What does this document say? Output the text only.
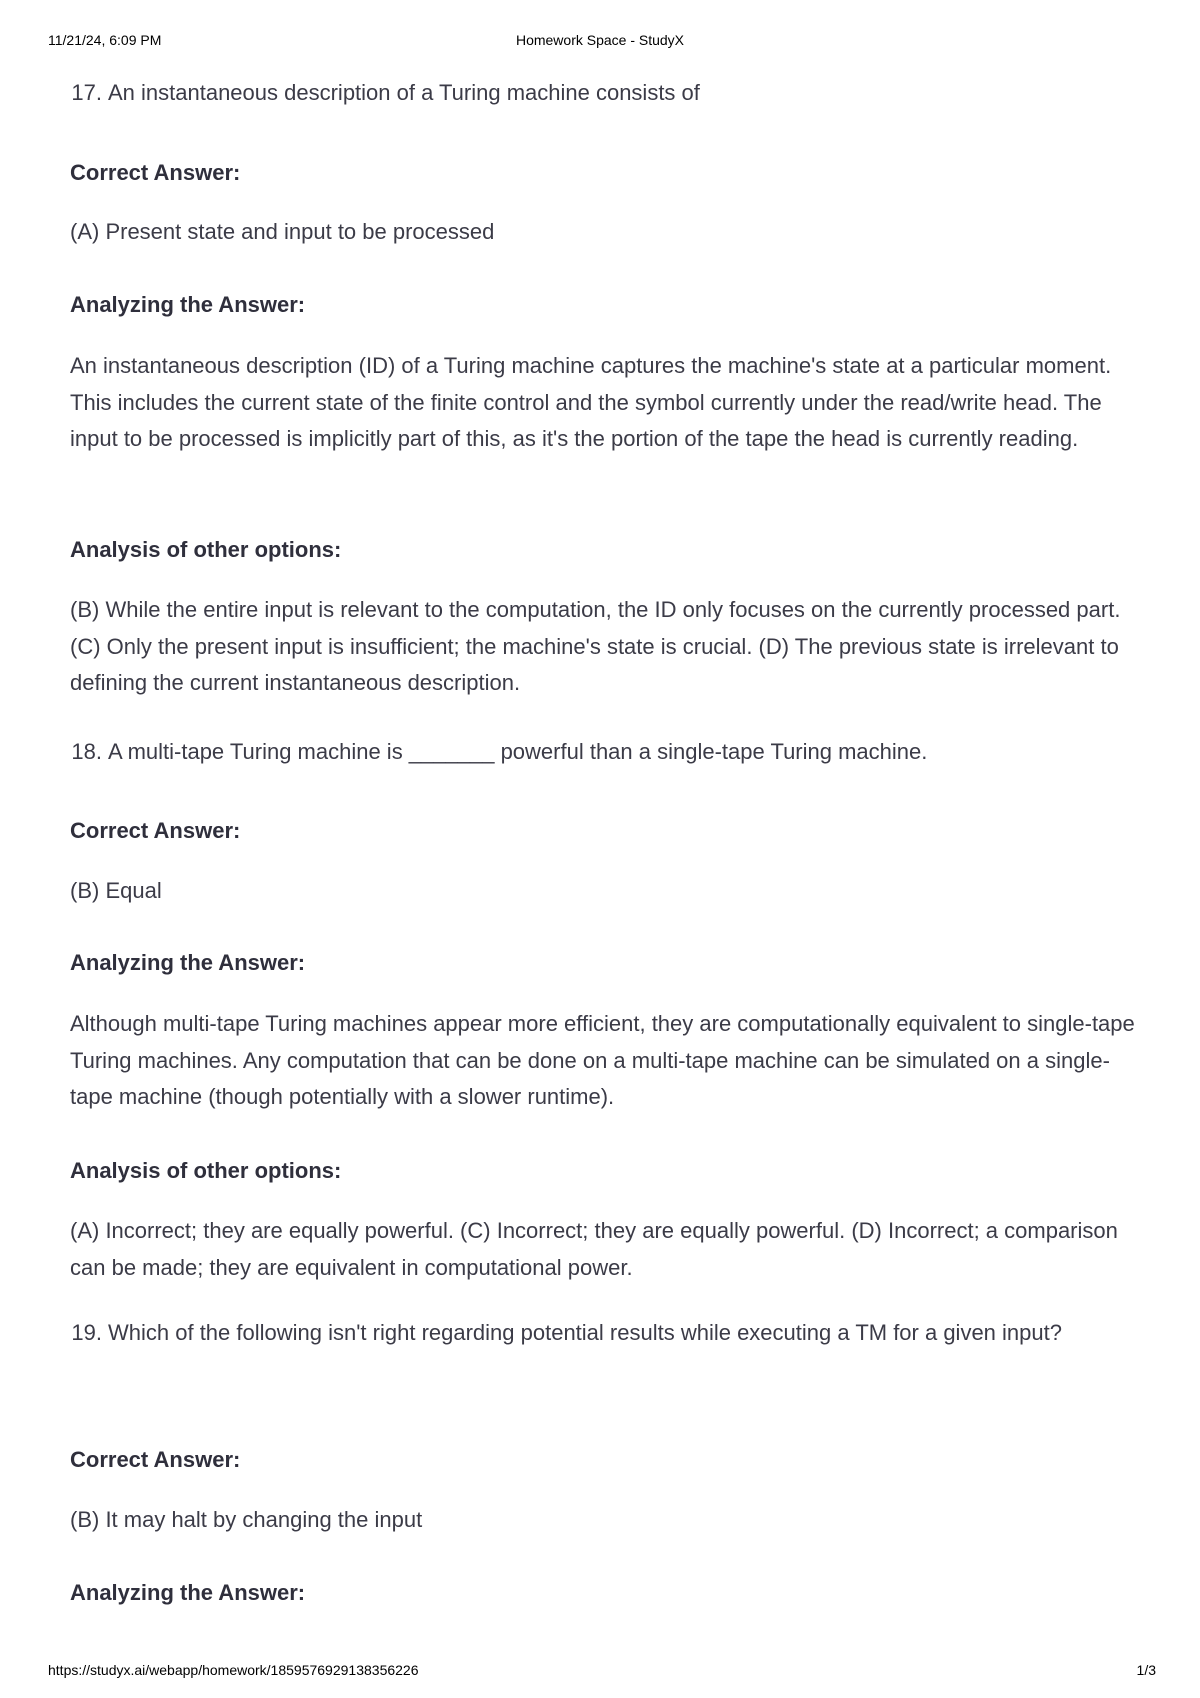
11/21/24, 6:09 PM	Homework Space - StudyX
17. An instantaneous description of a Turing machine consists of
Correct Answer:
(A) Present state and input to be processed
Analyzing the Answer:
An instantaneous description (ID) of a Turing machine captures the machine's state at a particular moment. This includes the current state of the finite control and the symbol currently under the read/write head. The input to be processed is implicitly part of this, as it's the portion of the tape the head is currently reading.
Analysis of other options:
(B) While the entire input is relevant to the computation, the ID only focuses on the currently processed part. (C) Only the present input is insufficient; the machine's state is crucial. (D) The previous state is irrelevant to defining the current instantaneous description.
18. A multi-tape Turing machine is _______ powerful than a single-tape Turing machine.
Correct Answer:
(B) Equal
Analyzing the Answer:
Although multi-tape Turing machines appear more efficient, they are computationally equivalent to single-tape Turing machines. Any computation that can be done on a multi-tape machine can be simulated on a single-tape machine (though potentially with a slower runtime).
Analysis of other options:
(A) Incorrect; they are equally powerful. (C) Incorrect; they are equally powerful. (D) Incorrect; a comparison can be made; they are equivalent in computational power.
19. Which of the following isn't right regarding potential results while executing a TM for a given input?
Correct Answer:
(B) It may halt by changing the input
Analyzing the Answer:
https://studyx.ai/webapp/homework/1859576929138356226	1/3
